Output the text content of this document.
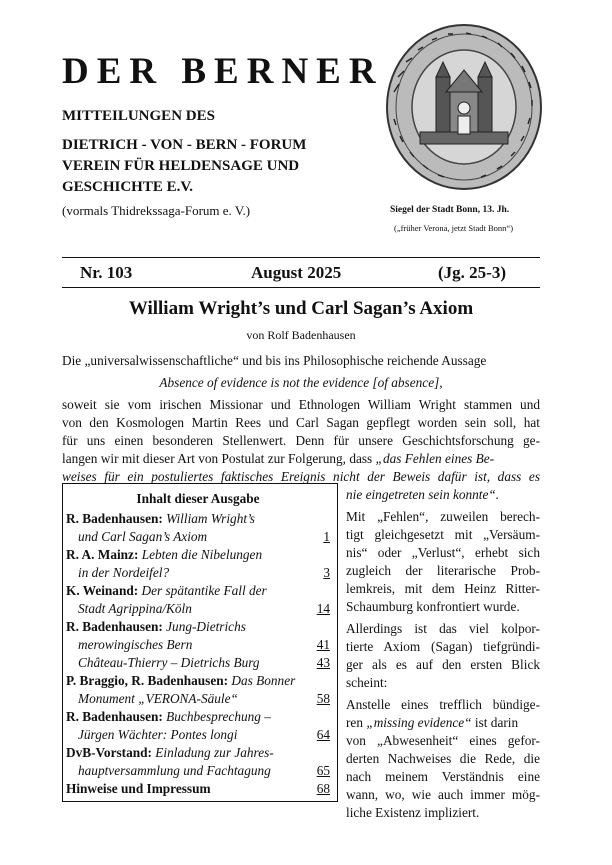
DER BERNER
MITTEILUNGEN DES
DIETRICH - VON - BERN - FORUM
VEREIN FÜR HELDENSAGE UND
GESCHICHTE E.V.
(vormals Thidrekssaga-Forum e. V.)	Siegel der Stadt Bonn, 13. Jh.
(„früher Verona, jetzt Stadt Bonn“)
Nr. 103	August 2025	(Jg. 25-3)
William Wright’s und Carl Sagan’s Axiom
von Rolf Badenhausen
Die „universalwissenschaftliche“ und bis ins Philosophische reichende Aussage
Absence of evidence is not the evidence [of absence],
soweit sie vom irischen Missionar und Ethnologen William Wright stammen und
von den Kosmologen Martin Rees und Carl Sagan gepflegt worden sein soll, hat
für uns einen besonderen Stellenwert. Denn für unsere Geschichtsforschung ge-
langen wir mit dieser Art von Postulat zur Folgerung, dass „das Fehlen eines Be-
weises für ein postuliertes faktisches Ereignis nicht der Beweis dafür ist, dass es
nie eingetreten sein konnte“.
Mit „Fehlen“, zuweilen berech-
tigt gleichgesetzt mit „Versäum-
nis“ oder „Verlust“, erhebt sich
zugleich der literarische Prob-
lemkreis, mit dem Heinz Ritter-
Schaumburg konfrontiert wurde.
Allerdings ist das viel kolpor-
tierte Axiom (Sagan) tiefgründi-
ger als es auf den ersten Blick
scheint:
Anstelle eines trefflich bündige-
ren „missing evidence“ ist darin
von „Abwesenheit“ eines gefor-
derten Nachweises die Rede, die
nach meinem Verständnis eine
wann, wo, wie auch immer mög-
liche Existenz impliziert.
Inhalt dieser Ausgabe
R. Badenhausen: William Wright’s
und Carl Sagan’s Axiom	1
R. A. Mainz: Lebten die Nibelungen
in der Nordeifel?	3
K. Weinand: Der spätantike Fall der
Stadt Agrippina/Köln	14
R. Badenhausen: Jung-Dietrichs
merowingisches Bern	41
Château-Thierry – Dietrichs Burg	43
P. Braggio, R. Badenhausen: Das Bonner
Monument „VERONA-Säule“	58
R. Badenhausen: Buchbesprechung –
Jürgen Wächter: Pontes longi	64
DvB-Vorstand: Einladung zur Jahres-
hauptversammlung und Fachtagung	65
Hinweise und Impressum	68
